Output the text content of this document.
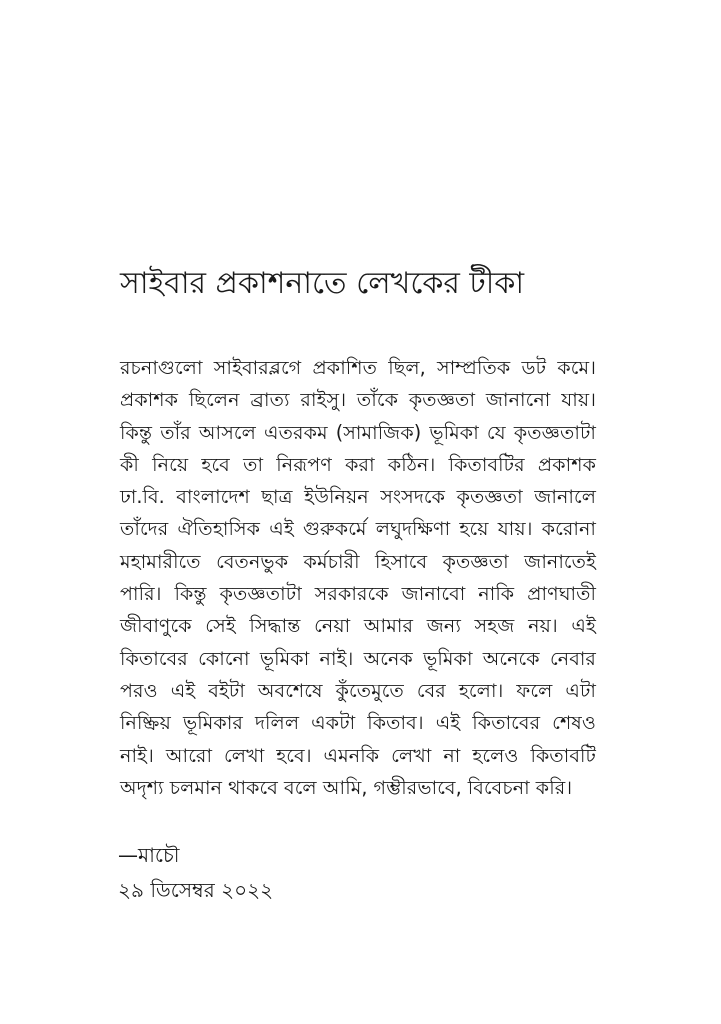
সাইবার প্রকাশনাতে লেখকের টীকা
রচনাগুলো সাইবারব্লগে প্রকাশিত ছিল, সাম্প্রতিক ডট কমে।
প্রকাশক ছিলেন ব্রাত্য রাইসু। তাঁকে কৃতজ্ঞতা জানানো যায়।
কিন্তু তাঁর আসলে এতরকম (সামাজিক) ভূমিকা যে কৃতজ্ঞতাটা
কী নিয়ে হবে তা নিরূপণ করা কঠিন। কিতাবটির প্রকাশক
ঢা.বি. বাংলাদেশ ছাত্র ইউনিয়ন সংসদকে কৃতজ্ঞতা জানালে
তাঁদের ঐতিহাসিক এই গুরুকর্মে লঘুদক্ষিণা হয়ে যায়। করোনা
মহামারীতে বেতনভুক কর্মচারী হিসাবে কৃতজ্ঞতা জানাতেই
পারি। কিন্তু কৃতজ্ঞতাটা সরকারকে জানাবো নাকি প্রাণঘাতী
জীবাণুকে সেই সিদ্ধান্ত নেয়া আমার জন্য সহজ নয়। এই
কিতাবের কোনো ভূমিকা নাই। অনেক ভূমিকা অনেকে নেবার
পরও এই বইটা অবশেষে কুঁতেমুতে বের হলো। ফলে এটা
নিষ্ক্রিয় ভূমিকার দলিল একটা কিতাব। এই কিতাবের শেষও
নাই। আরো লেখা হবে। এমনকি লেখা না হলেও কিতাবটি
অদৃশ্য চলমান থাকবে বলে আমি, গম্ভীরভাবে, বিবেচনা করি।

—মাচৌ

২৯ ডিসেম্বর ২০২২
